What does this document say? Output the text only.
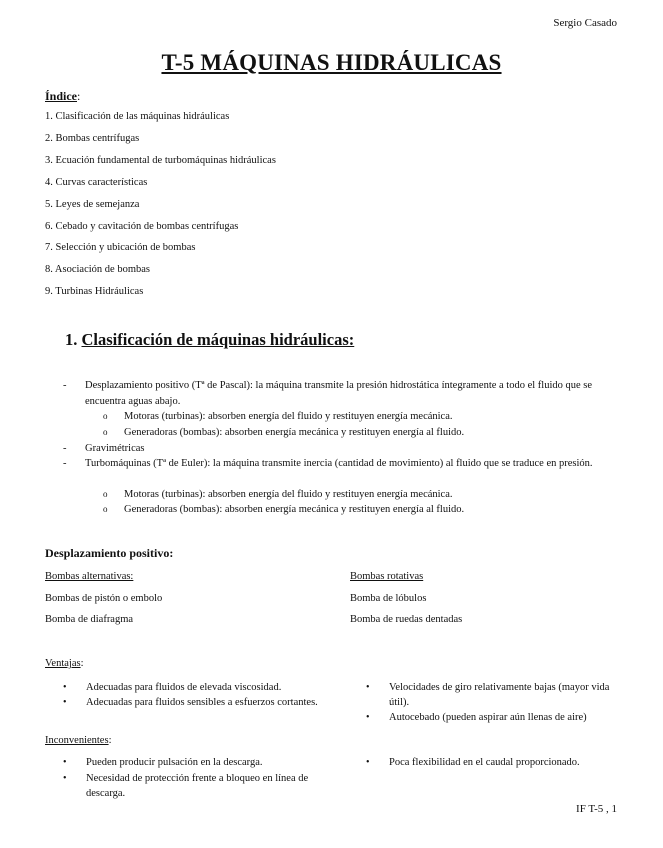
Sergio Casado
T-5 MÁQUINAS HIDRÁULICAS
Índice:
1. Clasificación de las máquinas hidráulicas
2. Bombas centrífugas
3. Ecuación fundamental de turbomáquinas hidráulicas
4. Curvas características
5. Leyes de semejanza
6. Cebado y cavitación de bombas centrífugas
7. Selección y ubicación de bombas
8. Asociación de bombas
9. Turbinas Hidráulicas
1. Clasificación de máquinas hidráulicas:
- Desplazamiento positivo (Tª de Pascal): la máquina transmite la presión hidrostática íntegramente a todo el fluido que se encuentra aguas abajo.
o Motoras (turbinas): absorben energía del fluido y restituyen energía mecánica.
o Generadoras (bombas): absorben energía mecánica y restituyen energía al fluido.
- Gravimétricas
- Turbomáquinas (Tª de Euler): la máquina transmite inercia (cantidad de movimiento) al fluido que se traduce en presión.
o Motoras (turbinas): absorben energía del fluido y restituyen energía mecánica.
o Generadoras (bombas): absorben energía mecánica y restituyen energía al fluido.
Desplazamiento positivo:
Bombas alternativas:
Bombas de pistón o embolo
Bomba de diafragma
Bombas rotativas
Bomba de lóbulos
Bomba de ruedas dentadas
Ventajas:
• Adecuadas para fluidos de elevada viscosidad.
• Adecuadas para fluidos sensibles a esfuerzos cortantes.
• Velocidades de giro relativamente bajas (mayor vida útil).
• Autocebado (pueden aspirar aún llenas de aire)
Inconvenientes:
• Pueden producir pulsación en la descarga.
• Necesidad de protección frente a bloqueo en línea de descarga.
• Poca flexibilidad en el caudal proporcionado.
IF T-5 , 1
